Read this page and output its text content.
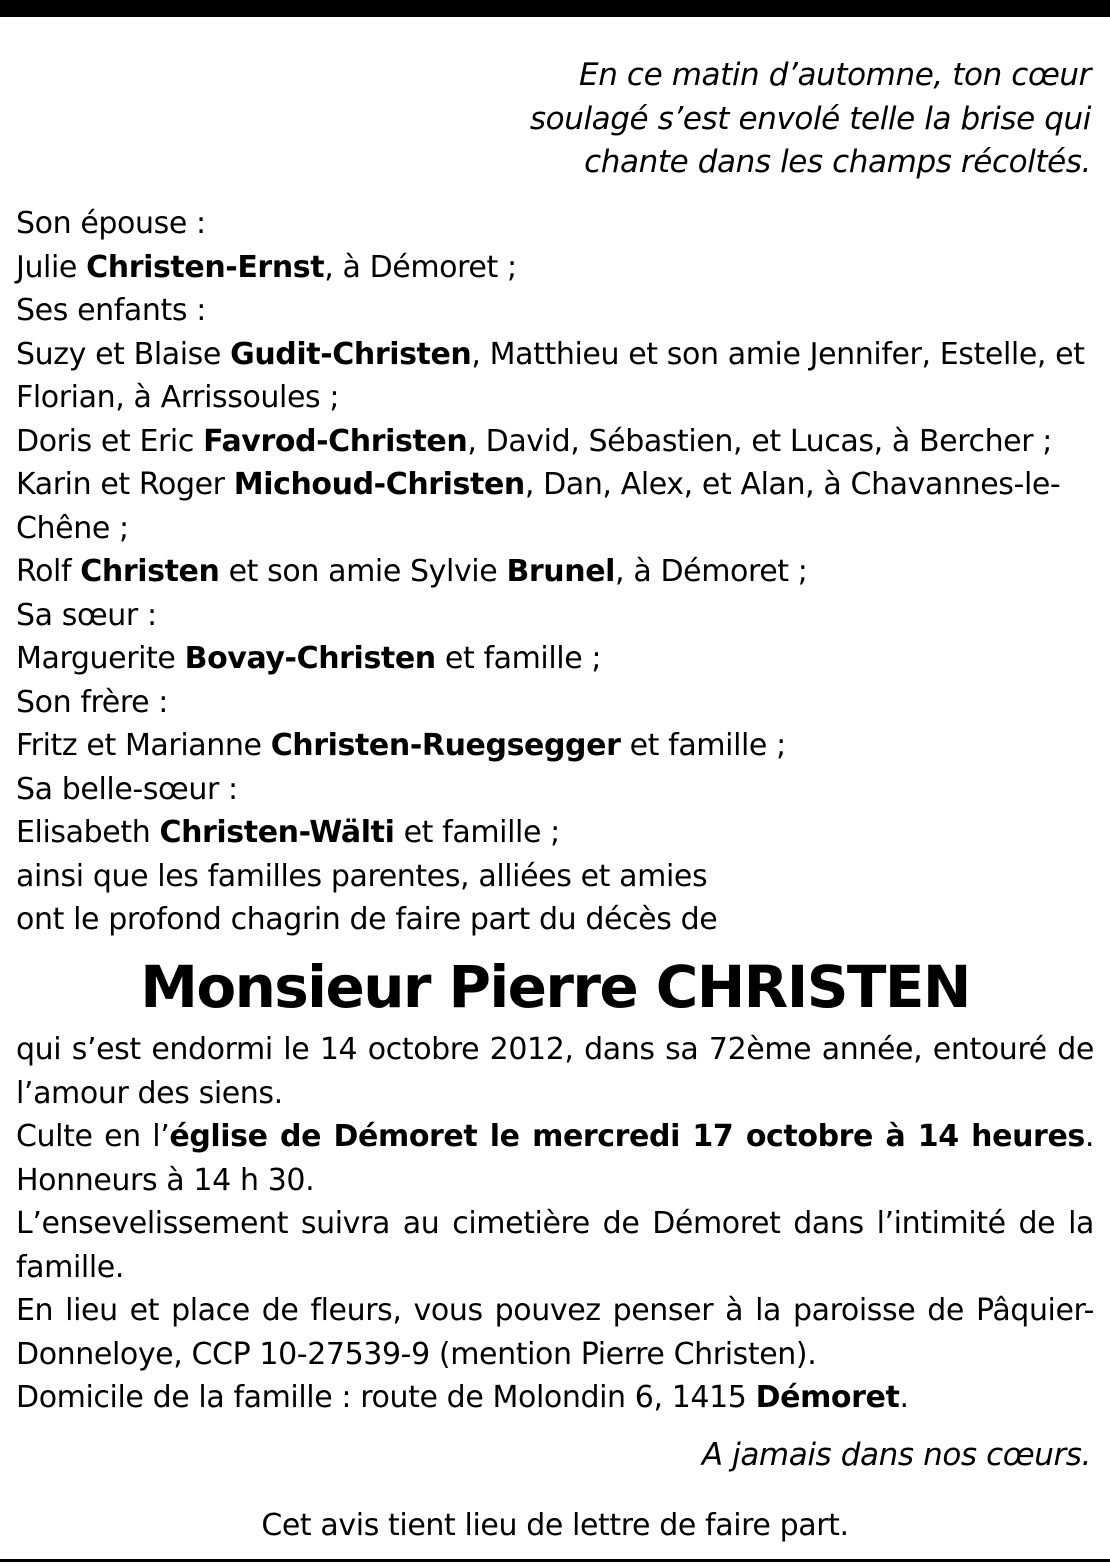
En ce matin d’automne, ton cœur
soulagé s’est envolé telle la brise qui
chante dans les champs récoltés.
Son épouse :
Julie Christen-Ernst, à Démoret ;
Ses enfants :
Suzy et Blaise Gudit-Christen, Matthieu et son amie Jennifer, Estelle, et Florian, à Arrissoules ;
Doris et Eric Favrod-Christen, David, Sébastien, et Lucas, à Bercher ;
Karin et Roger Michoud-Christen, Dan, Alex, et Alan, à Chavannes-le-Chêne ;
Rolf Christen et son amie Sylvie Brunel, à Démoret ;
Sa sœur :
Marguerite Bovay-Christen et famille ;
Son frère :
Fritz et Marianne Christen-Ruegsegger et famille ;
Sa belle-sœur :
Elisabeth Christen-Wälti et famille ;
ainsi que les familles parentes, alliées et amies
ont le profond chagrin de faire part du décès de
Monsieur Pierre CHRISTEN
qui s’est endormi le 14 octobre 2012, dans sa 72ème année, entouré de l’amour des siens.
Culte en l’église de Démoret le mercredi 17 octobre à 14 heures. Honneurs à 14 h 30.
L’ensevelissement suivra au cimetière de Démoret dans l’intimité de la famille.
En lieu et place de fleurs, vous pouvez penser à la paroisse de Pâquier-Donneloye, CCP 10-27539-9 (mention Pierre Christen).
Domicile de la famille : route de Molondin 6, 1415 Démoret.
A jamais dans nos cœurs.
Cet avis tient lieu de lettre de faire part.
